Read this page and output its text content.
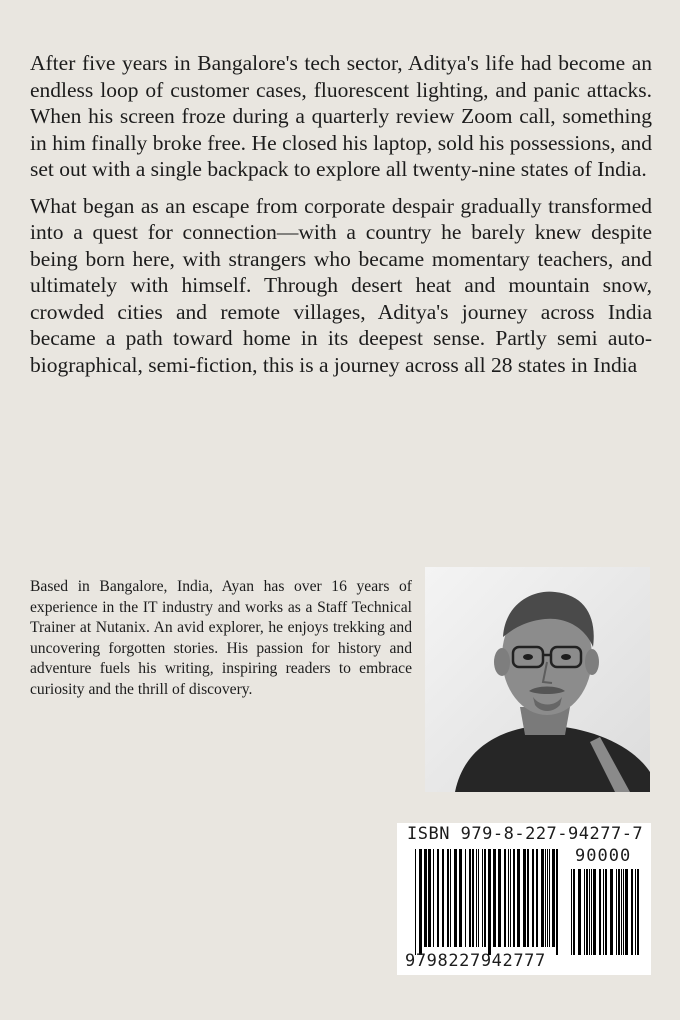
After five years in Bangalore's tech sector, Aditya's life had become an endless loop of customer cases, fluorescent lighting, and panic attacks. When his screen froze during a quarterly review Zoom call, something in him finally broke free. He closed his laptop, sold his possessions, and set out with a single backpack to explore all twenty-nine states of India.

What began as an escape from corporate despair gradually transformed into a quest for connection—with a country he barely knew despite being born here, with strangers who became momentary teachers, and ultimately with himself. Through desert heat and mountain snow, crowded cities and remote villages, Aditya's journey across India became a path toward home in its deepest sense. Partly semi auto-biographical, semi-fiction, this is a journey across all 28 states in India

Based in Bangalore, India, Ayan has over 16 years of experience in the IT industry and works as a Staff Technical Trainer at Nutanix. An avid explorer, he enjoys trekking and uncovering forgotten stories. His passion for history and adventure fuels his writing, inspiring readers to embrace curiosity and the thrill of discovery.
ISBN 979-8-227-94277-7
90000
9798227942777
